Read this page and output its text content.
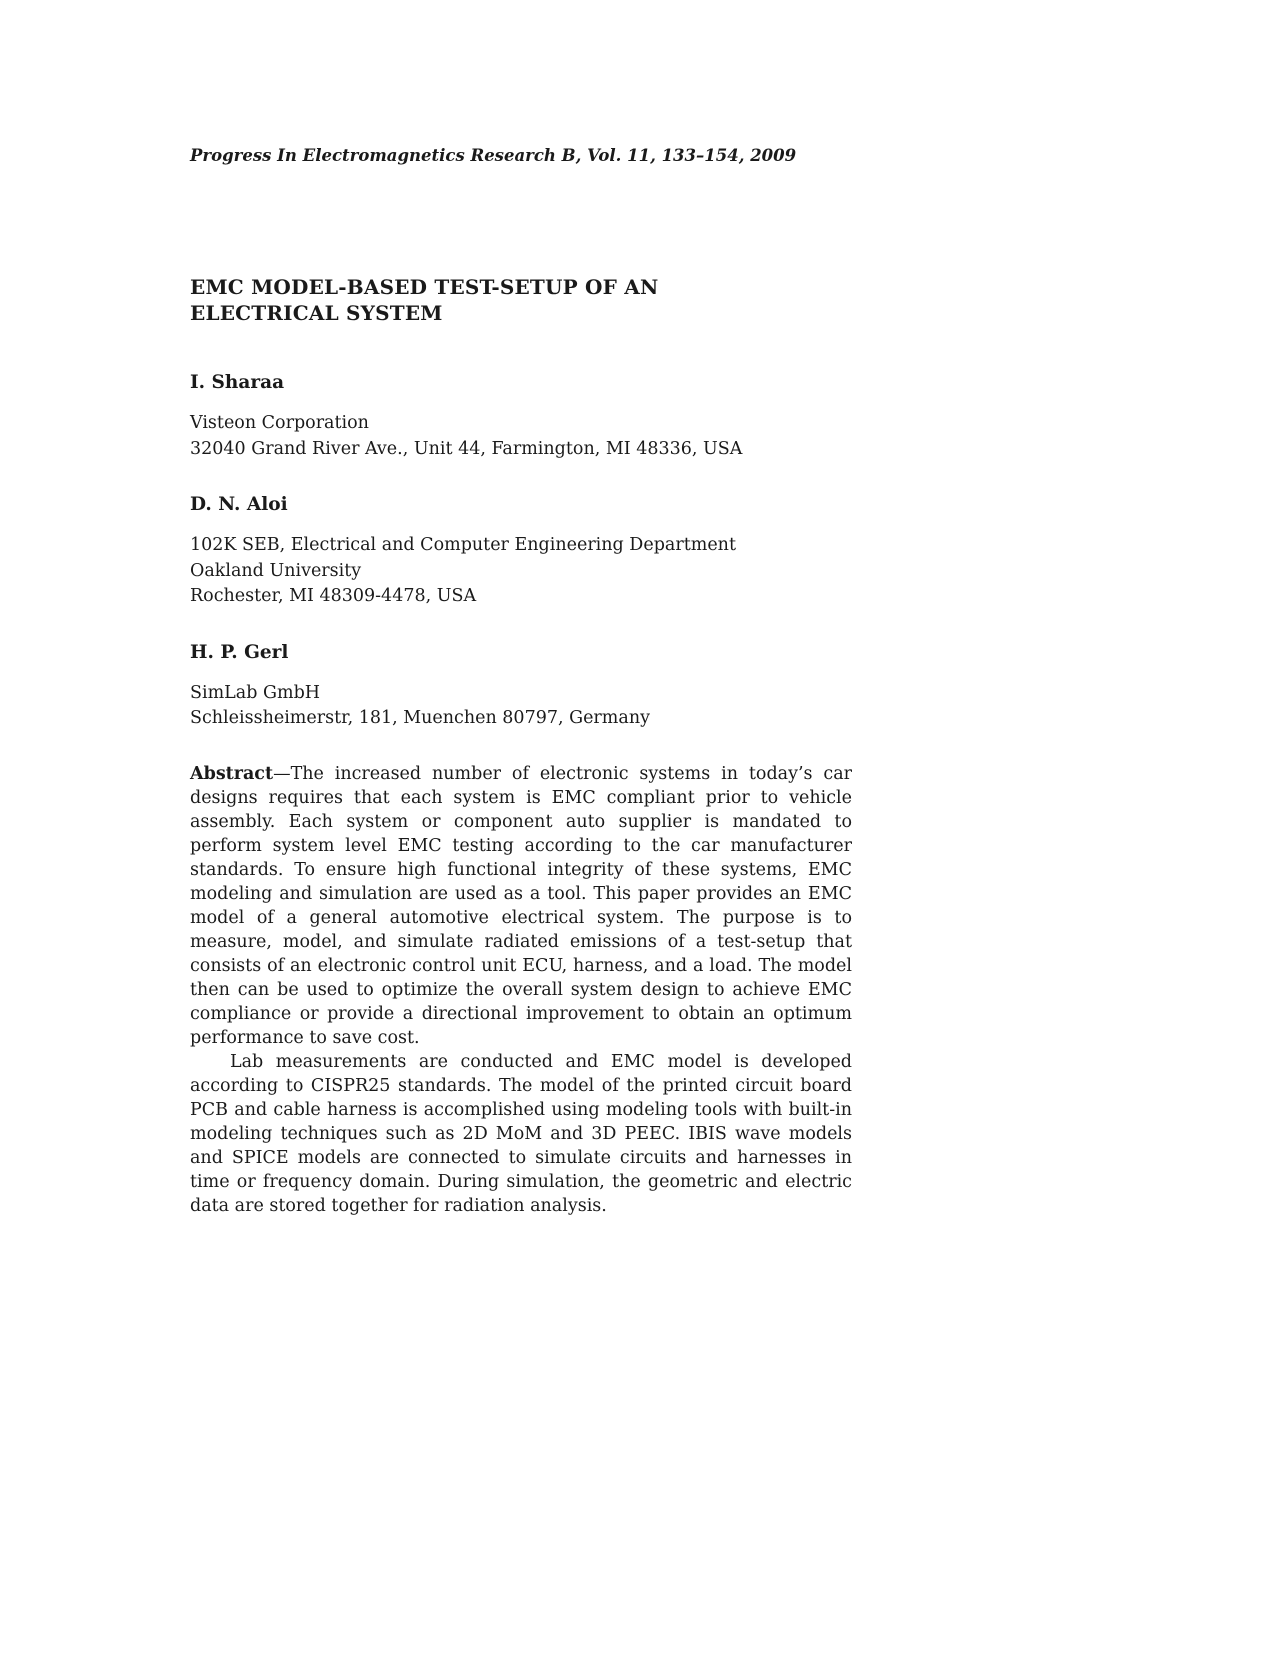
Progress In Electromagnetics Research B, Vol. 11, 133–154, 2009
EMC MODEL-BASED TEST-SETUP OF AN
ELECTRICAL SYSTEM
I. Sharaa
Visteon Corporation
32040 Grand River Ave., Unit 44, Farmington, MI 48336, USA
D. N. Aloi
102K SEB, Electrical and Computer Engineering Department
Oakland University
Rochester, MI 48309-4478, USA
H. P. Gerl
SimLab GmbH
Schleissheimerstr, 181, Muenchen 80797, Germany

Abstract—The increased number of electronic systems in today’s car designs requires that each system is EMC compliant prior to vehicle assembly. Each system or component auto supplier is mandated to perform system level EMC testing according to the car manufacturer standards. To ensure high functional integrity of these systems, EMC modeling and simulation are used as a tool. This paper provides an EMC model of a general automotive electrical system. The purpose is to measure, model, and simulate radiated emissions of a test-setup that consists of an electronic control unit ECU, harness, and a load. The model then can be used to optimize the overall system design to achieve EMC compliance or provide a directional improvement to obtain an optimum performance to save cost.

Lab measurements are conducted and EMC model is developed according to CISPR25 standards. The model of the printed circuit board PCB and cable harness is accomplished using modeling tools with built-in modeling techniques such as 2D MoM and 3D PEEC. IBIS wave models and SPICE models are connected to simulate circuits and harnesses in time or frequency domain. During simulation, the geometric and electric data are stored together for radiation analysis.
